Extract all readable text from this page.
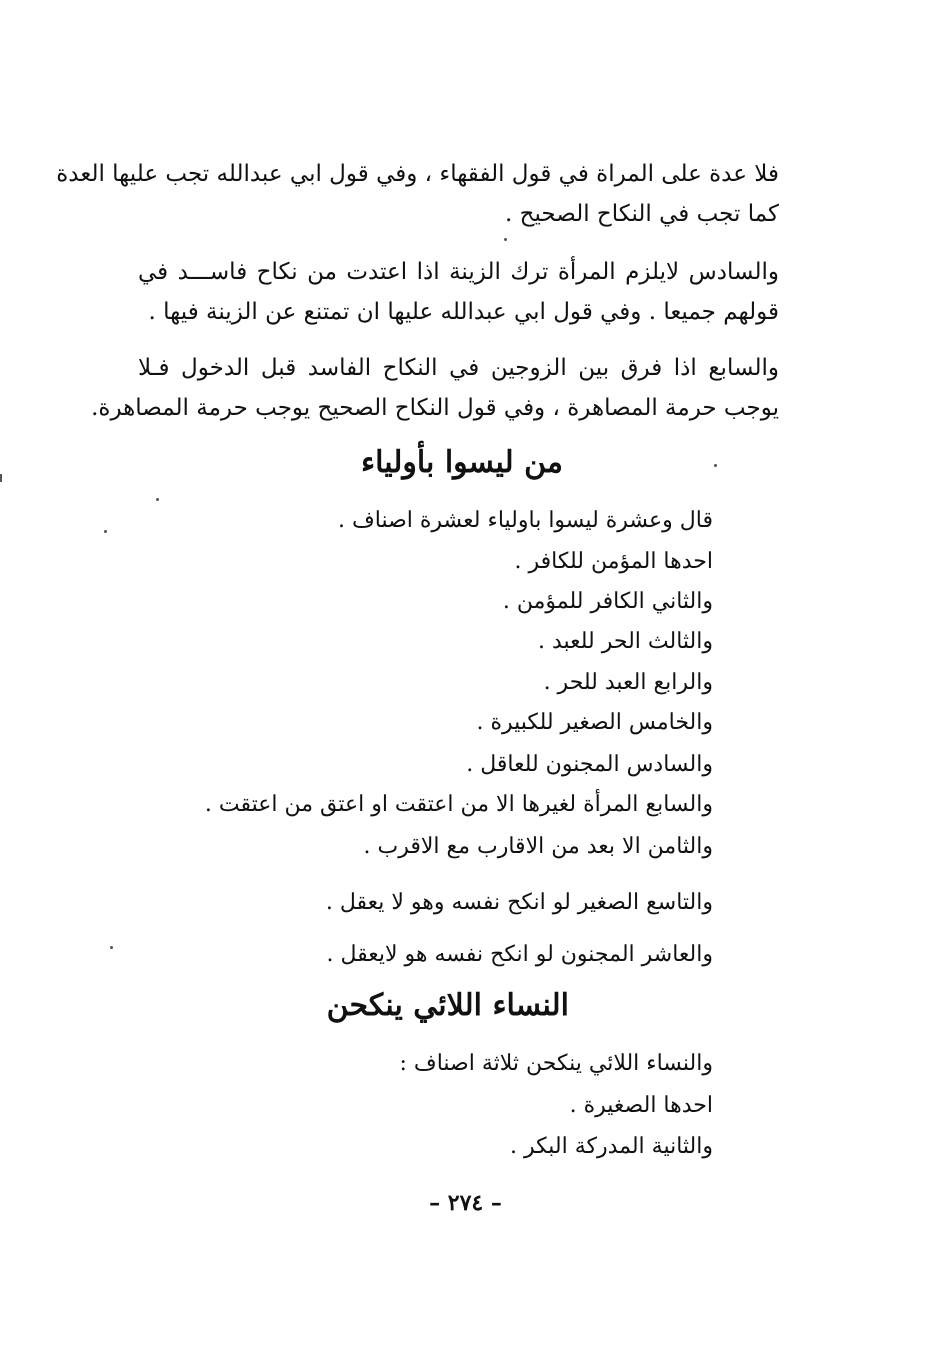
فلا عدة على المراة في قول الفقهاء ، وفي قول ابي عبدالله تجب عليها العدة
كما تجب في النكاح الصحيح .
والسادس لايلزم المرأة ترك الزينة اذا اعتدت من نكاح فاســـد في
قولهم جميعا . وفي قول ابي عبدالله عليها ان تمتنع عن الزينة فيها .
والسابع اذا فرق بين الزوجين في النكاح الفاسد قبل الدخول فـلا
يوجب حرمة المصاهرة ، وفي قول النكاح الصحيح يوجب حرمة المصاهرة.
من ليسوا بأولياء
قال وعشرة ليسوا باولياء لعشرة اصناف .
احدها المؤمن للكافر .
والثاني الكافر للمؤمن .
والثالث الحر للعبد .
والرابع العبد للحر .
والخامس الصغير للكبيرة .
والسادس المجنون للعاقل .
والسابع المرأة لغيرها الا من اعتقت او اعتق من اعتقت .
والثامن الا بعد من الاقارب مع الاقرب .
والتاسع الصغير لو انكح نفسه وهو لا يعقل .
والعاشر المجنون لو انكح نفسه هو لايعقل .
النساء اللائي ينكحن
والنساء اللائي ينكحن ثلاثة اصناف :
احدها الصغيرة .
والثانية المدركة البكر .
– ٢٧٤ –
